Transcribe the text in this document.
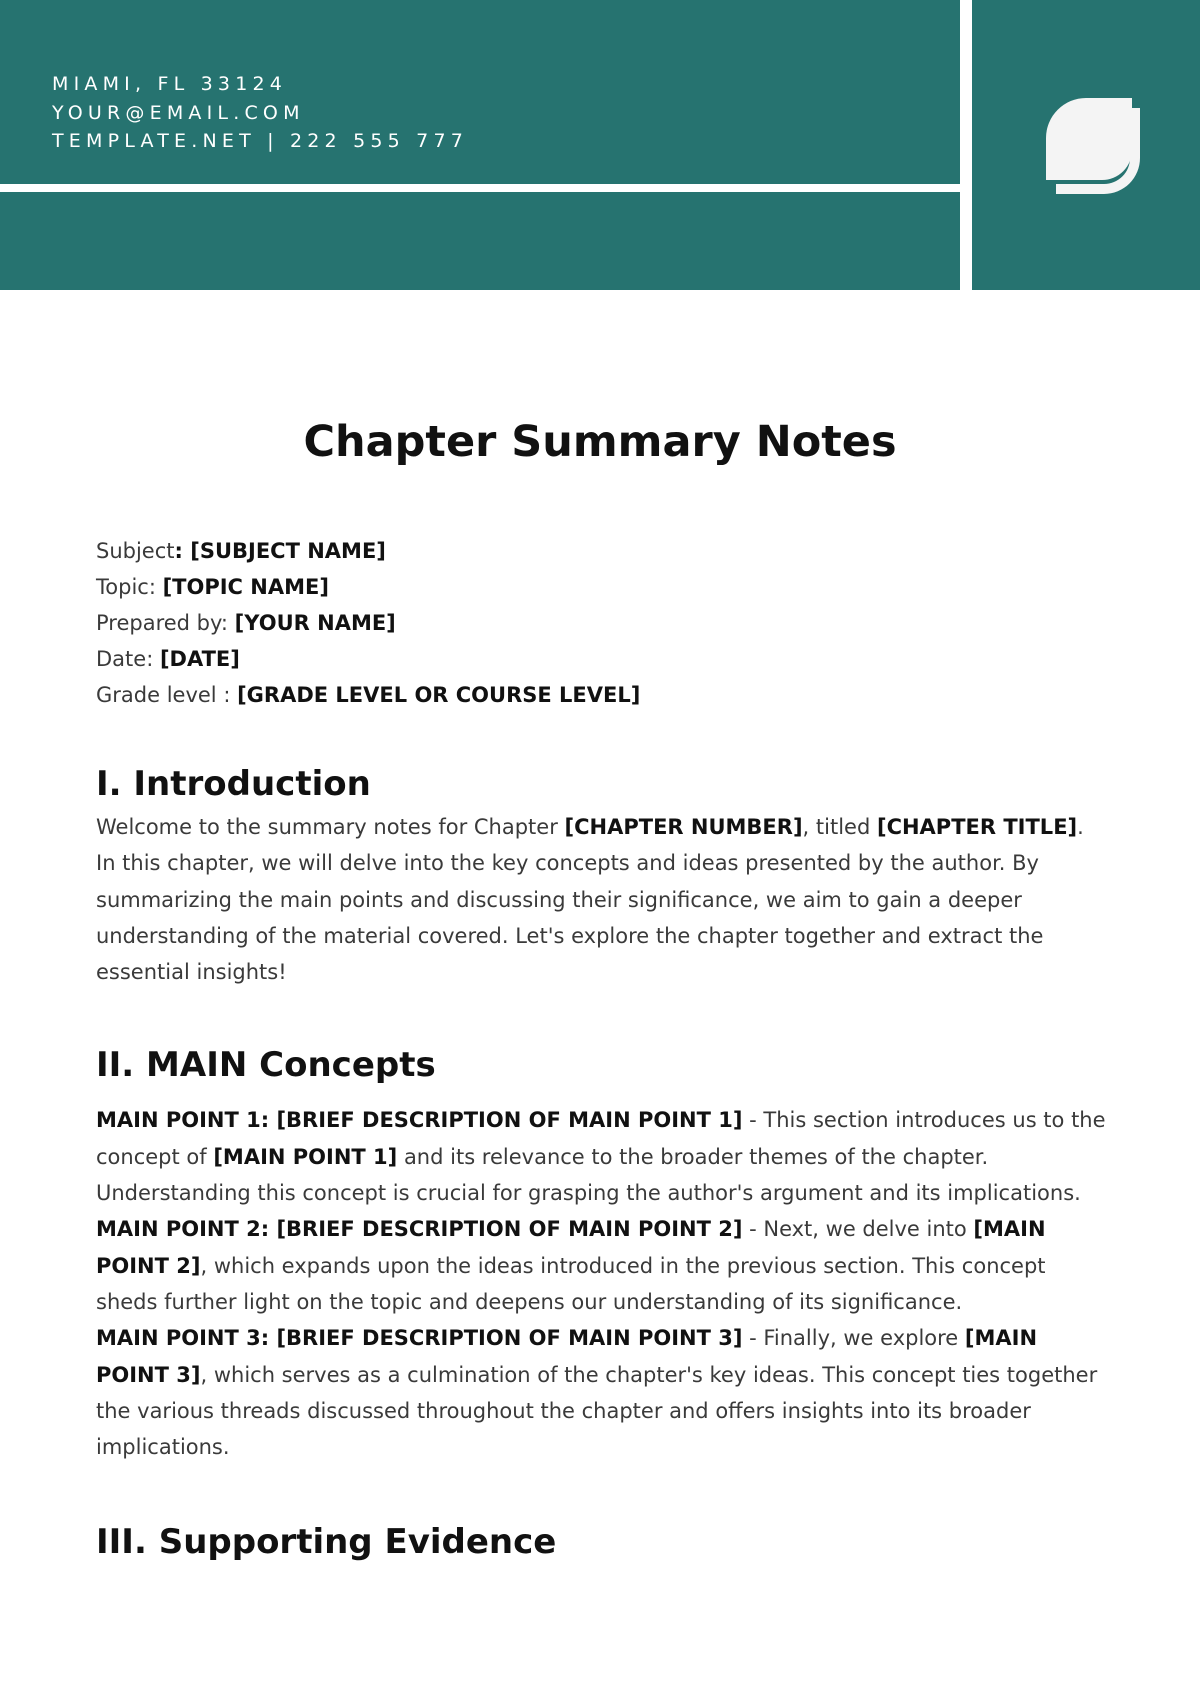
MIAMI, FL 33124
YOUR@EMAIL.COM
TEMPLATE.NET | 222 555 777
Chapter Summary Notes
Subject: [SUBJECT NAME]
Topic: [TOPIC NAME]
Prepared by: [YOUR NAME]
Date: [DATE]
Grade level : [GRADE LEVEL OR COURSE LEVEL]
I. Introduction

Welcome to the summary notes for Chapter [CHAPTER NUMBER], titled [CHAPTER TITLE]. In this chapter, we will delve into the key concepts and ideas presented by the author. By summarizing the main points and discussing their significance, we aim to gain a deeper understanding of the material covered. Let's explore the chapter together and extract the essential insights!

II. MAIN Concepts

MAIN POINT 1: [BRIEF DESCRIPTION OF MAIN POINT 1] - This section introduces us to the concept of [MAIN POINT 1] and its relevance to the broader themes of the chapter. Understanding this concept is crucial for grasping the author's argument and its implications.

MAIN POINT 2: [BRIEF DESCRIPTION OF MAIN POINT 2] - Next, we delve into [MAIN POINT 2], which expands upon the ideas introduced in the previous section. This concept sheds further light on the topic and deepens our understanding of its significance.

MAIN POINT 3: [BRIEF DESCRIPTION OF MAIN POINT 3] - Finally, we explore [MAIN POINT 3], which serves as a culmination of the chapter's key ideas. This concept ties together the various threads discussed throughout the chapter and offers insights into its broader implications.

III. Supporting Evidence
